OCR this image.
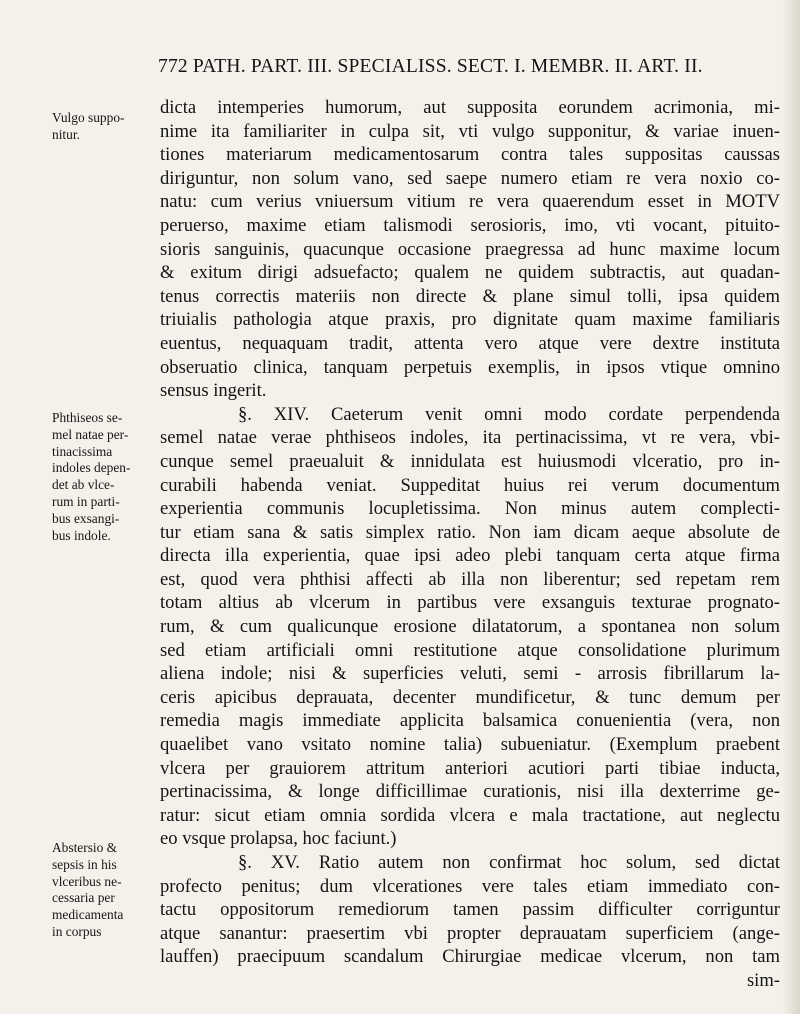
772 PATH. PART. III. SPECIALISS. SECT. I. MEMBR. II. ART. II.
Vulgo suppo-
nitur.
Phthiseos se-
mel natae per-
tinacissima
indoles depen-
det ab vlce-
rum in parti-
bus exsangi-
bus indole.
Abstersio &
sepsis in his
vlceribus ne-
cessaria per
medicamenta
in corpus
dicta intemperies humorum, aut supposita eorundem acrimonia, mi-
nime ita familiariter in culpa sit, vti vulgo supponitur, & variae inuen-
tiones materiarum medicamentosarum contra tales suppositas caussas
diriguntur, non solum vano, sed saepe numero etiam re vera noxio co-
natu: cum verius vniuersum vitium re vera quaerendum esset in MOTV
peruerso, maxime etiam talismodi serosioris, imo, vti vocant, pituito-
sioris sanguinis, quacunque occasione praegressa ad hunc maxime locum
& exitum dirigi adsuefacto; qualem ne quidem subtractis, aut quadan-
tenus correctis materiis non directe & plane simul tolli, ipsa quidem
triuialis pathologia atque praxis, pro dignitate quam maxime familiaris
euentus, nequaquam tradit, attenta vero atque vere dextre instituta
obseruatio clinica, tanquam perpetuis exemplis, in ipsos vtique omnino
sensus ingerit.
§. XIV. Caeterum venit omni modo cordate perpendenda
semel natae verae phthiseos indoles, ita pertinacissima, vt re vera, vbi-
cunque semel praeualuit & innidulata est huiusmodi vlceratio, pro in-
curabili habenda veniat. Suppeditat huius rei verum documentum
experientia communis locupletissima. Non minus autem complecti-
tur etiam sana & satis simplex ratio. Non iam dicam aeque absolute de
directa illa experientia, quae ipsi adeo plebi tanquam certa atque firma
est, quod vera phthisi affecti ab illa non liberentur; sed repetam rem
totam altius ab vlcerum in partibus vere exsanguis texturae prognato-
rum, & cum qualicunque erosione dilatatorum, a spontanea non solum
sed etiam artificiali omni restitutione atque consolidatione plurimum
aliena indole; nisi & superficies veluti, semi - arrosis fibrillarum la-
ceris apicibus deprauata, decenter mundificetur, & tunc demum per
remedia magis immediate applicita balsamica conuenientia (vera, non
quaelibet vano vsitato nomine talia) subueniatur. (Exemplum praebent
vlcera per grauiorem attritum anteriori acutiori parti tibiae inducta,
pertinacissima, & longe difficillimae curationis, nisi illa dexterrime ge-
ratur: sicut etiam omnia sordida vlcera e mala tractatione, aut neglectu
eo vsque prolapsa, hoc faciunt.)
§. XV. Ratio autem non confirmat hoc solum, sed dictat
profecto penitus; dum vlcerationes vere tales etiam immediato con-
tactu oppositorum remediorum tamen passim difficulter corriguntur
atque sanantur: praesertim vbi propter deprauatam superficiem (ange-
lauffen) praecipuum scandalum Chirurgiae medicae vlcerum, non tam
sim-
